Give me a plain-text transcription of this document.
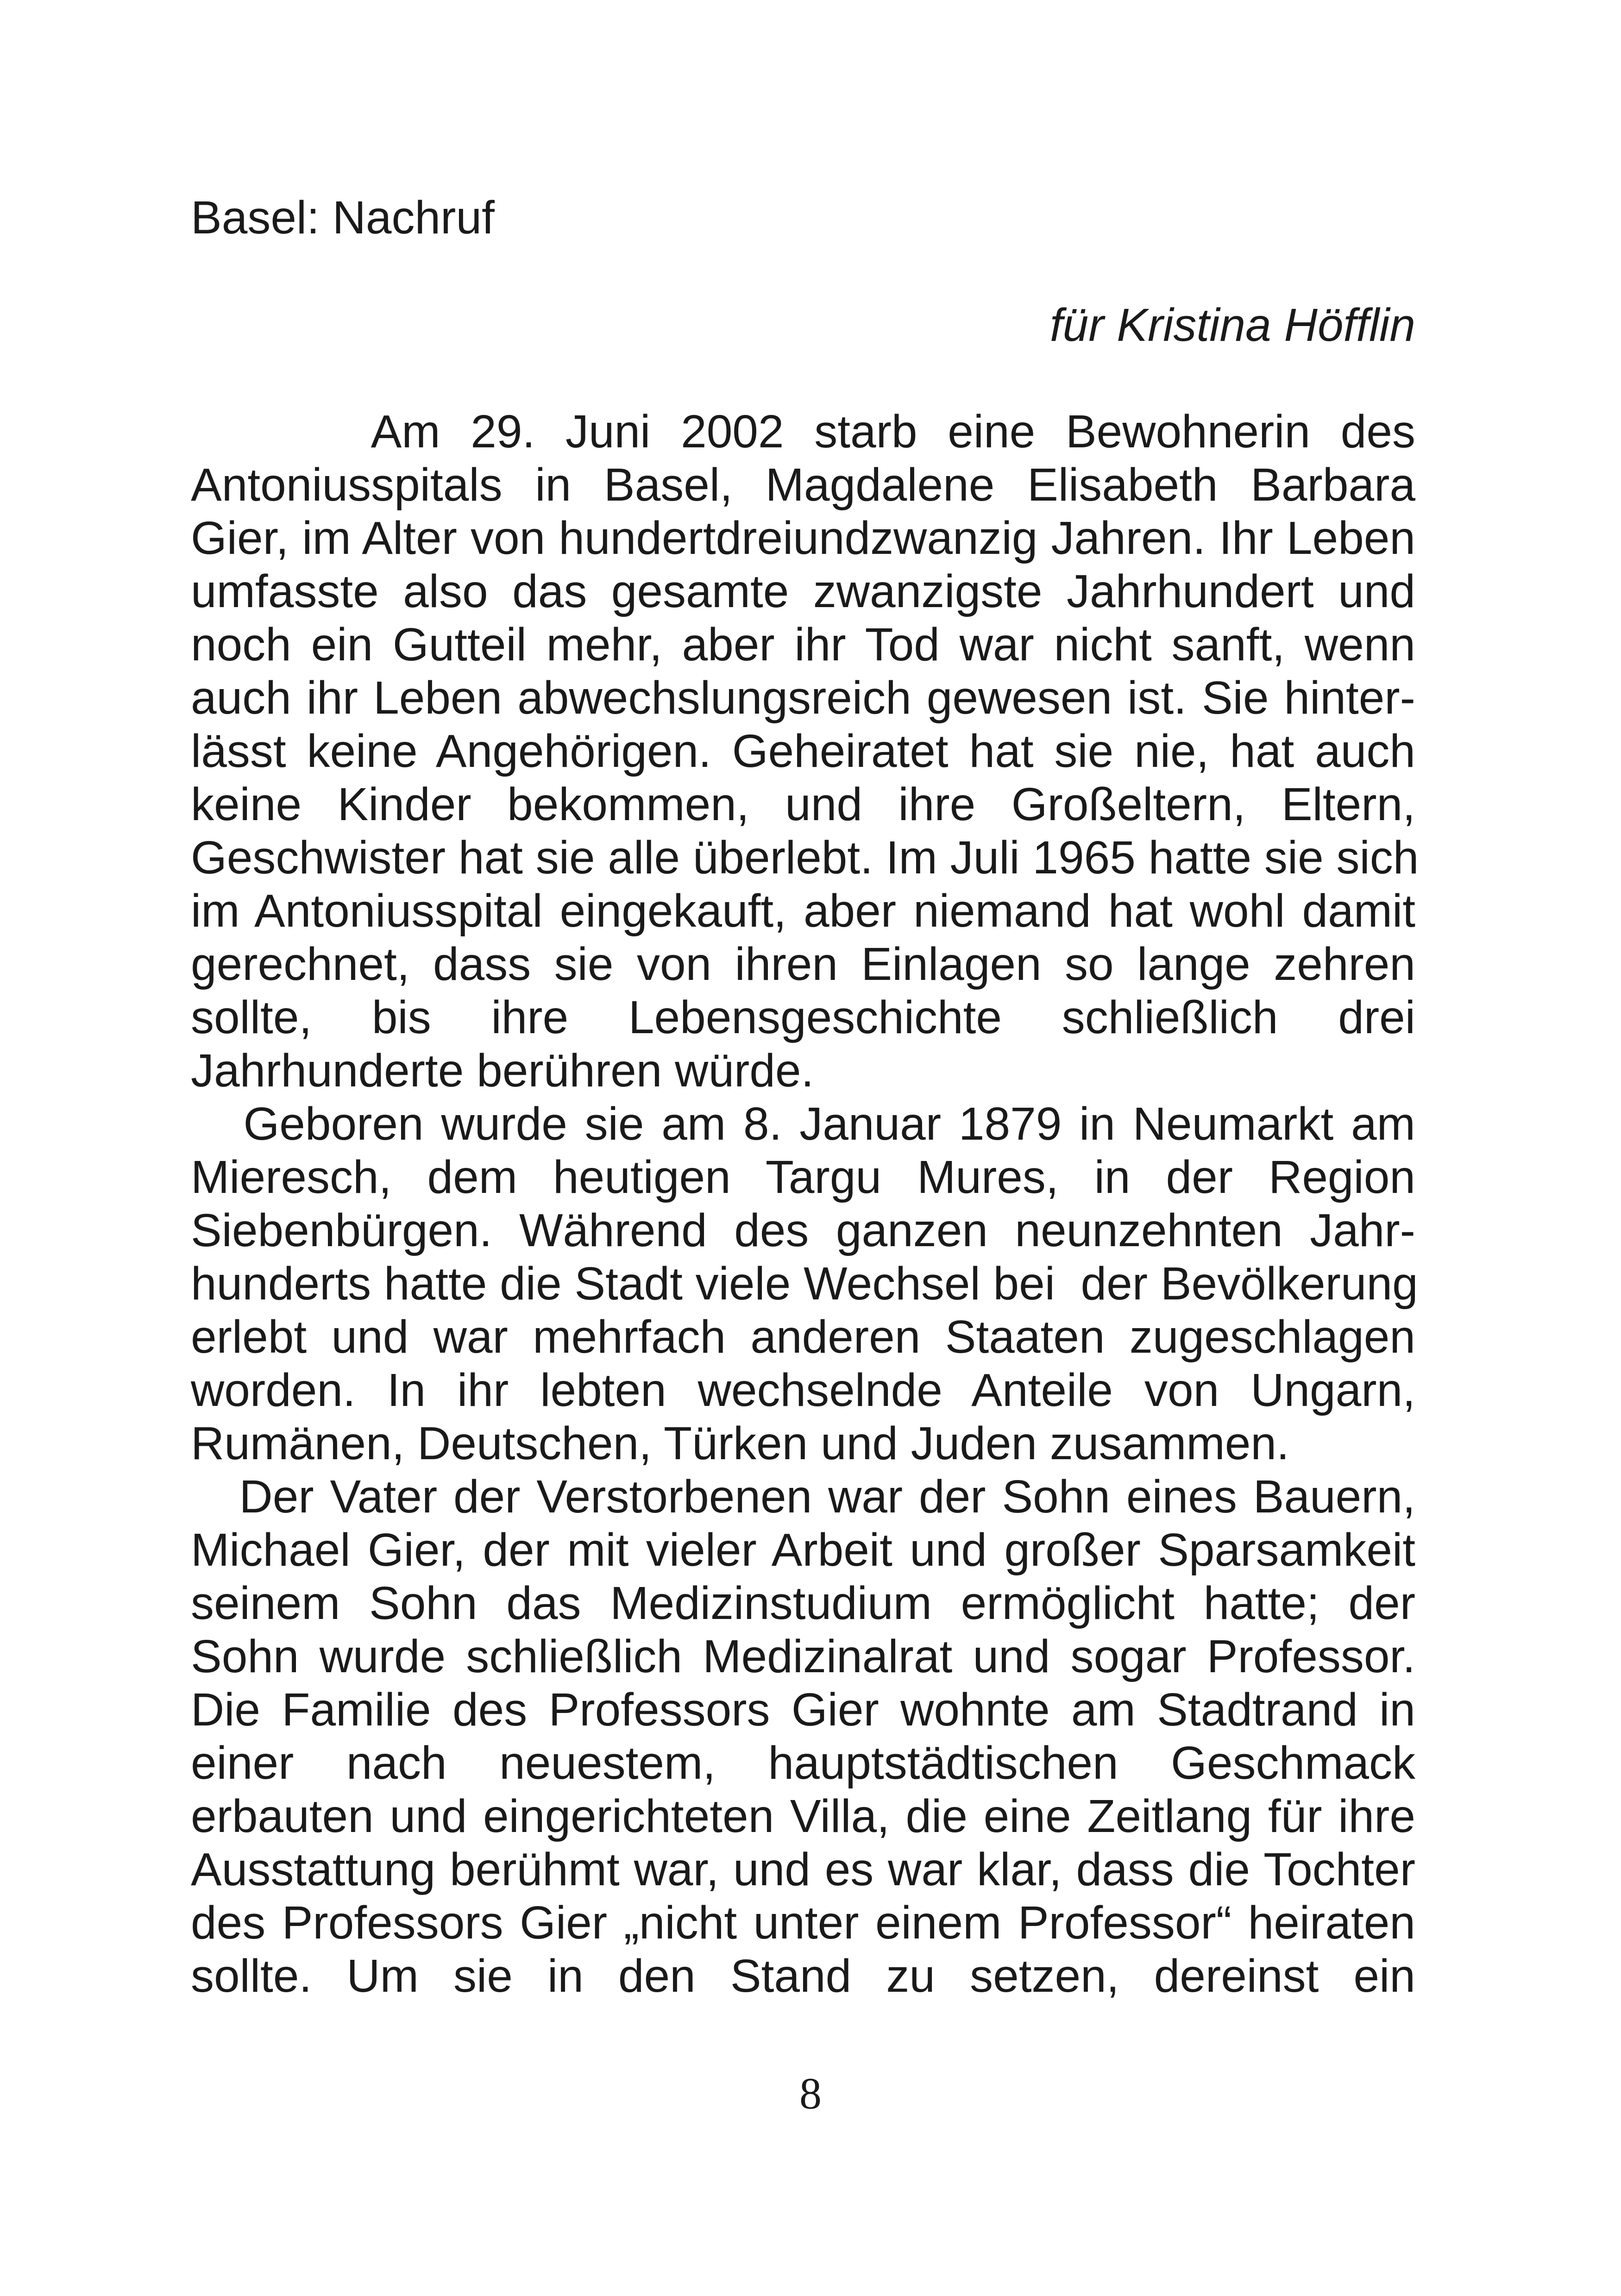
Basel: Nachruf
für Kristina Höfflin
Am 29. Juni 2002 starb eine Bewohnerin des
Antoniusspitals in Basel, Magdalene Elisabeth Barbara
Gier, im Alter von hundertdreiundzwanzig Jahren. Ihr Leben
umfasste also das gesamte zwanzigste Jahrhundert und
noch ein Gutteil mehr, aber ihr Tod war nicht sanft, wenn
auch ihr Leben abwechslungsreich gewesen ist. Sie hinter-
lässt keine Angehörigen. Geheiratet hat sie nie, hat auch
keine Kinder bekommen, und ihre Großeltern, Eltern,
Geschwister hat sie alle überlebt. Im Juli 1965 hatte sie sich
im Antoniusspital eingekauft, aber niemand hat wohl damit
gerechnet, dass sie von ihren Einlagen so lange zehren
sollte, bis ihre Lebensgeschichte schließlich drei
Jahrhunderte berühren würde.
Geboren wurde sie am 8. Januar 1879 in Neumarkt am
Mieresch, dem heutigen Targu Mures, in der Region
Siebenbürgen. Während des ganzen neunzehnten Jahr-
hunderts hatte die Stadt viele Wechsel bei  der Bevölkerung
erlebt und war mehrfach anderen Staaten zugeschlagen
worden. In ihr lebten wechselnde Anteile von Ungarn,
Rumänen, Deutschen, Türken und Juden zusammen.
Der Vater der Verstorbenen war der Sohn eines Bauern,
Michael Gier, der mit vieler Arbeit und großer Sparsamkeit
seinem Sohn das Medizinstudium ermöglicht hatte; der
Sohn wurde schließlich Medizinalrat und sogar Professor.
Die Familie des Professors Gier wohnte am Stadtrand in
einer nach neuestem, hauptstädtischen Geschmack
erbauten und eingerichteten Villa, die eine Zeitlang für ihre
Ausstattung berühmt war, und es war klar, dass die Tochter
des Professors Gier „nicht unter einem Professor“ heiraten
sollte. Um sie in den Stand zu setzen, dereinst ein
8
